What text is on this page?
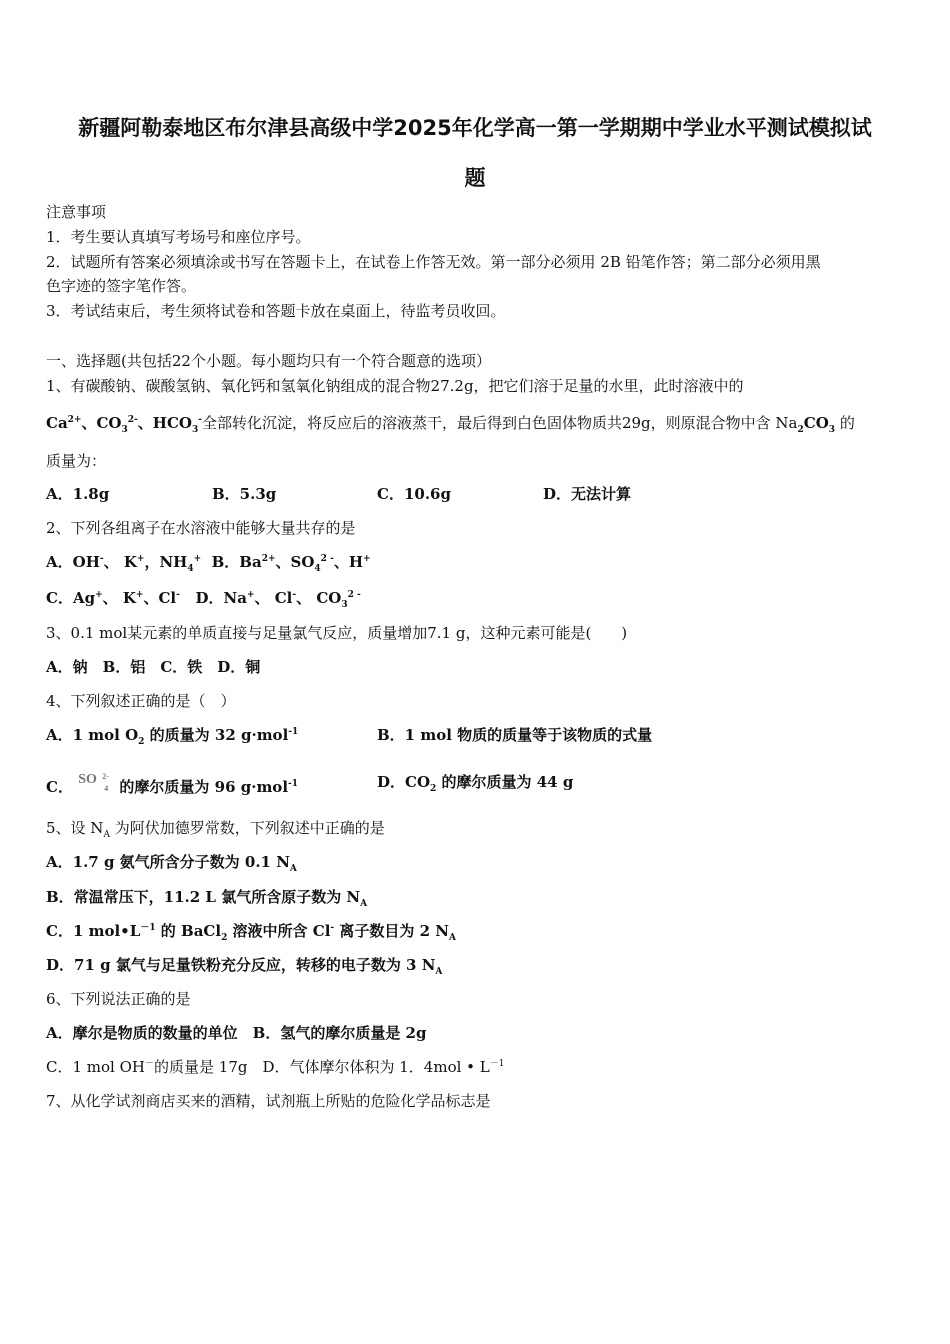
新疆阿勒泰地区布尔津县高级中学2025年化学高一第一学期期中学业水平测试模拟试
题
注意事项
1．考生要认真填写考场号和座位序号。
2．试题所有答案必须填涂或书写在答题卡上，在试卷上作答无效。第一部分必须用 2B 铅笔作答；第二部分必须用黑
色字迹的签字笔作答。
3．考试结束后，考生须将试卷和答题卡放在桌面上，待监考员收回。
一、选择题(共包括22个小题。每小题均只有一个符合题意的选项）
1、有碳酸钠、碳酸氢钠、氧化钙和氢氧化钠组成的混合物27.2g，把它们溶于足量的水里，此时溶液中的
$Ca^{2+}$、$CO_3^{2-}$、$HCO_3^-$全部转化沉淀，将反应后的溶液蒸干，最后得到白色固体物质共29g，则原混合物中含 $Na_2CO_3$ 的
质量为：
A．1.8g	B．5.3g	C．10.6g	D．无法计算
2、下列各组离子在水溶液中能够大量共存的是
A．OH-、 K+，$NH_4^+$ B．$Ba^{2+}$、$SO_4^{2 -}$、H+
C．Ag+、 K+、Cl- D．Na+、 Cl-、 $CO_3^{2 -}$
3、0.1 mol某元素的单质直接与足量氯气反应，质量增加7.1 g，这种元素可能是(　　)
A．钠　B．铝　C．铁　D．铜
4、下列叙述正确的是（　）
A．1 mol $O_2$ 的质量为 32 g·mol$^{-1}$	B．1 mol 物质的质量等于该物质的式量
C． SO 2-
4 的摩尔质量为 96 g·mol$^{-1}$	D．$CO_2$ 的摩尔质量为 44 g
5、设 $N_A$ 为阿伏加德罗常数，下列叙述中正确的是
A．1.7 g 氨气所含分子数为 0.1 $N_A$
B．常温常压下，11.2 L 氯气所含原子数为 $N_A$
C．1 $mol•L^{-1}$ 的 BaCl$_2$ 溶液中所含 Cl- 离子数目为 2 $N_A$
D．71 g 氯气与足量铁粉充分反应，转移的电子数为 3 $N_A$
6、下列说法正确的是
A．摩尔是物质的数量的单位　B．氢气的摩尔质量是 2g
C．1 mol OH－的质量是 17g　D．气体摩尔体积为 1．4mol • $L^{-1}$
7、从化学试剂商店买来的酒精，试剂瓶上所贴的危险化学品标志是
